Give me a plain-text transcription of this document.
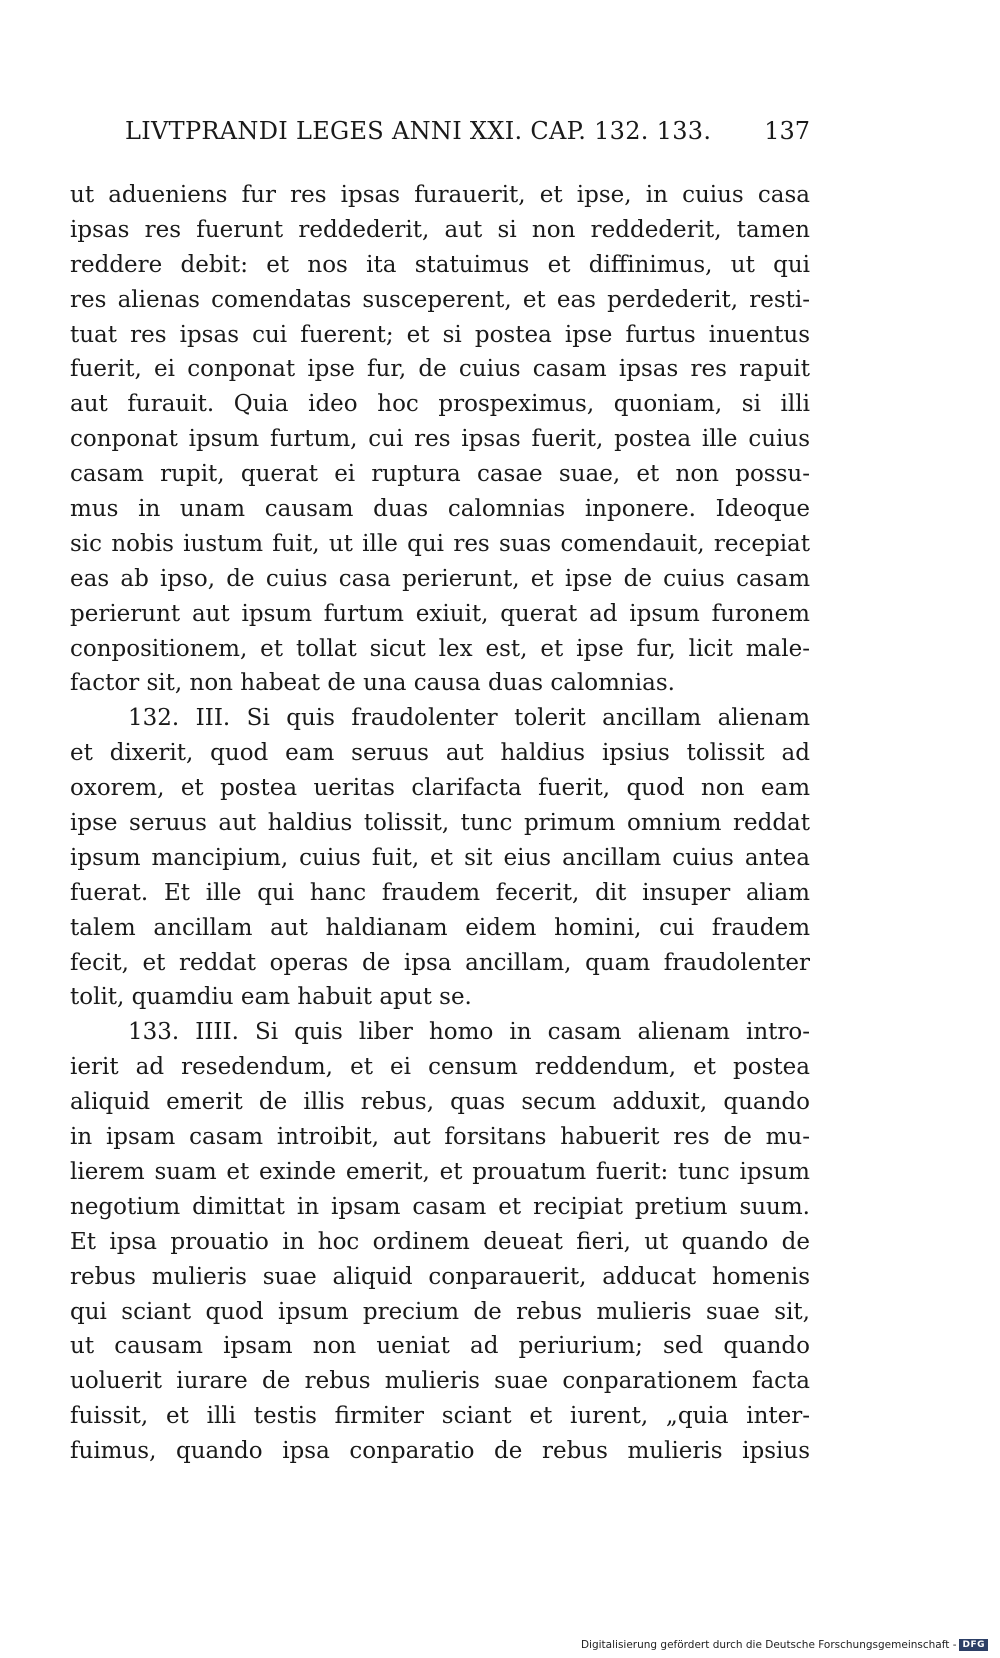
LIVTPRANDI LEGES ANNI XXI. CAP. 132. 133. 137
ut adueniens fur res ipsas furauerit, et ipse, in cuius casa
ipsas res fuerunt reddederit, aut si non reddederit, tamen
reddere debit: et nos ita statuimus et diffinimus, ut qui
res alienas comendatas susceperent, et eas perdederit, resti-
tuat res ipsas cui fuerent; et si postea ipse furtus inuentus
fuerit, ei conponat ipse fur, de cuius casam ipsas res rapuit
aut furauit. Quia ideo hoc prospeximus, quoniam, si illi
conponat ipsum furtum, cui res ipsas fuerit, postea ille cuius
casam rupit, querat ei ruptura casae suae, et non possu-
mus in unam causam duas calomnias inponere. Ideoque
sic nobis iustum fuit, ut ille qui res suas comendauit, recepiat
eas ab ipso, de cuius casa perierunt, et ipse de cuius casam
perierunt aut ipsum furtum exiuit, querat ad ipsum furonem
conpositionem, et tollat sicut lex est, et ipse fur, licit male-
factor sit, non habeat de una causa duas calomnias.
132. III. Si quis fraudolenter tolerit ancillam alienam
et dixerit, quod eam seruus aut haldius ipsius tolissit ad
oxorem, et postea ueritas clarifacta fuerit, quod non eam
ipse seruus aut haldius tolissit, tunc primum omnium reddat
ipsum mancipium, cuius fuit, et sit eius ancillam cuius antea
fuerat. Et ille qui hanc fraudem fecerit, dit insuper aliam
talem ancillam aut haldianam eidem homini, cui fraudem
fecit, et reddat operas de ipsa ancillam, quam fraudolenter
tolit, quamdiu eam habuit aput se.
133. IIII. Si quis liber homo in casam alienam intro-
ierit ad resedendum, et ei censum reddendum, et postea
aliquid emerit de illis rebus, quas secum adduxit, quando
in ipsam casam introibit, aut forsitans habuerit res de mu-
lierem suam et exinde emerit, et prouatum fuerit: tunc ipsum
negotium dimittat in ipsam casam et recipiat pretium suum.
Et ipsa prouatio in hoc ordinem deueat fieri, ut quando de
rebus mulieris suae aliquid conparauerit, adducat homenis
qui sciant quod ipsum precium de rebus mulieris suae sit,
ut causam ipsam non ueniat ad periurium; sed quando
uoluerit iurare de rebus mulieris suae conparationem facta
fuissit, et illi testis firmiter sciant et iurent, „quia inter-
fuimus, quando ipsa conparatio de rebus mulieris ipsius
Digitalisierung gefördert durch die Deutsche Forschungsgemeinschaft - DFG
